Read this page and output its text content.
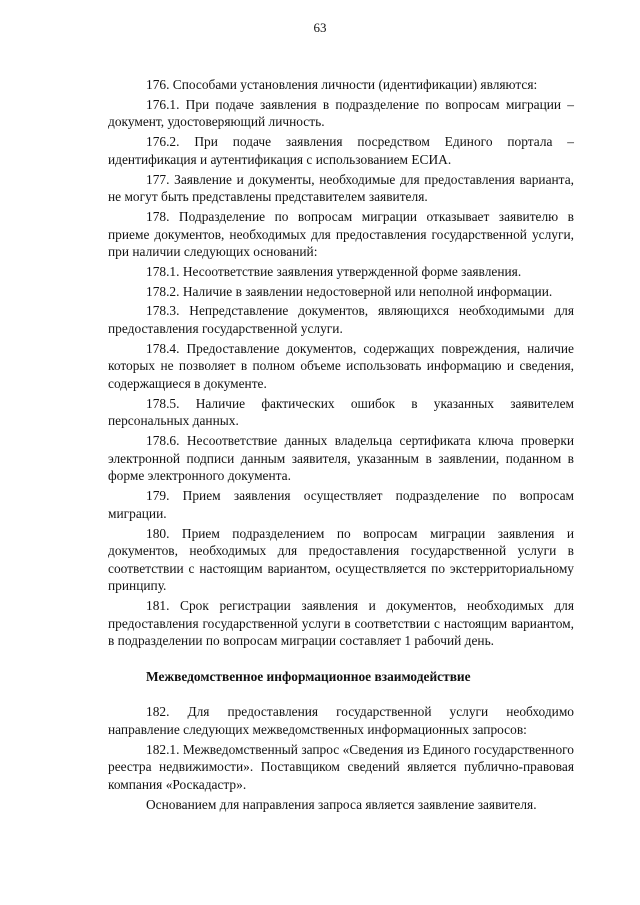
63

176. Способами установления личности (идентификации) являются:

176.1. При подаче заявления в подразделение по вопросам миграции – документ, удостоверяющий личность.

176.2. При подаче заявления посредством Единого портала – идентификация и аутентификация с использованием ЕСИА.

177. Заявление и документы, необходимые для предоставления варианта, не могут быть представлены представителем заявителя.

178. Подразделение по вопросам миграции отказывает заявителю в приеме документов, необходимых для предоставления государственной услуги, при наличии следующих оснований:

178.1. Несоответствие заявления утвержденной форме заявления.

178.2. Наличие в заявлении недостоверной или неполной информации.

178.3. Непредставление документов, являющихся необходимыми для предоставления государственной услуги.

178.4. Предоставление документов, содержащих повреждения, наличие которых не позволяет в полном объеме использовать информацию и сведения, содержащиеся в документе.

178.5. Наличие фактических ошибок в указанных заявителем персональных данных.

178.6. Несоответствие данных владельца сертификата ключа проверки электронной подписи данным заявителя, указанным в заявлении, поданном в форме электронного документа.

179. Прием заявления осуществляет подразделение по вопросам миграции.

180. Прием подразделением по вопросам миграции заявления и документов, необходимых для предоставления государственной услуги в соответствии с настоящим вариантом, осуществляется по экстерриториальному принципу.

181. Срок регистрации заявления и документов, необходимых для предоставления государственной услуги в соответствии с настоящим вариантом, в подразделении по вопросам миграции составляет 1 рабочий день.

Межведомственное информационное взаимодействие

182. Для предоставления государственной услуги необходимо направление следующих межведомственных информационных запросов:

182.1. Межведомственный запрос «Сведения из Единого государственного реестра недвижимости». Поставщиком сведений является публично-правовая компания «Роскадастр».

Основанием для направления запроса является заявление заявителя.
